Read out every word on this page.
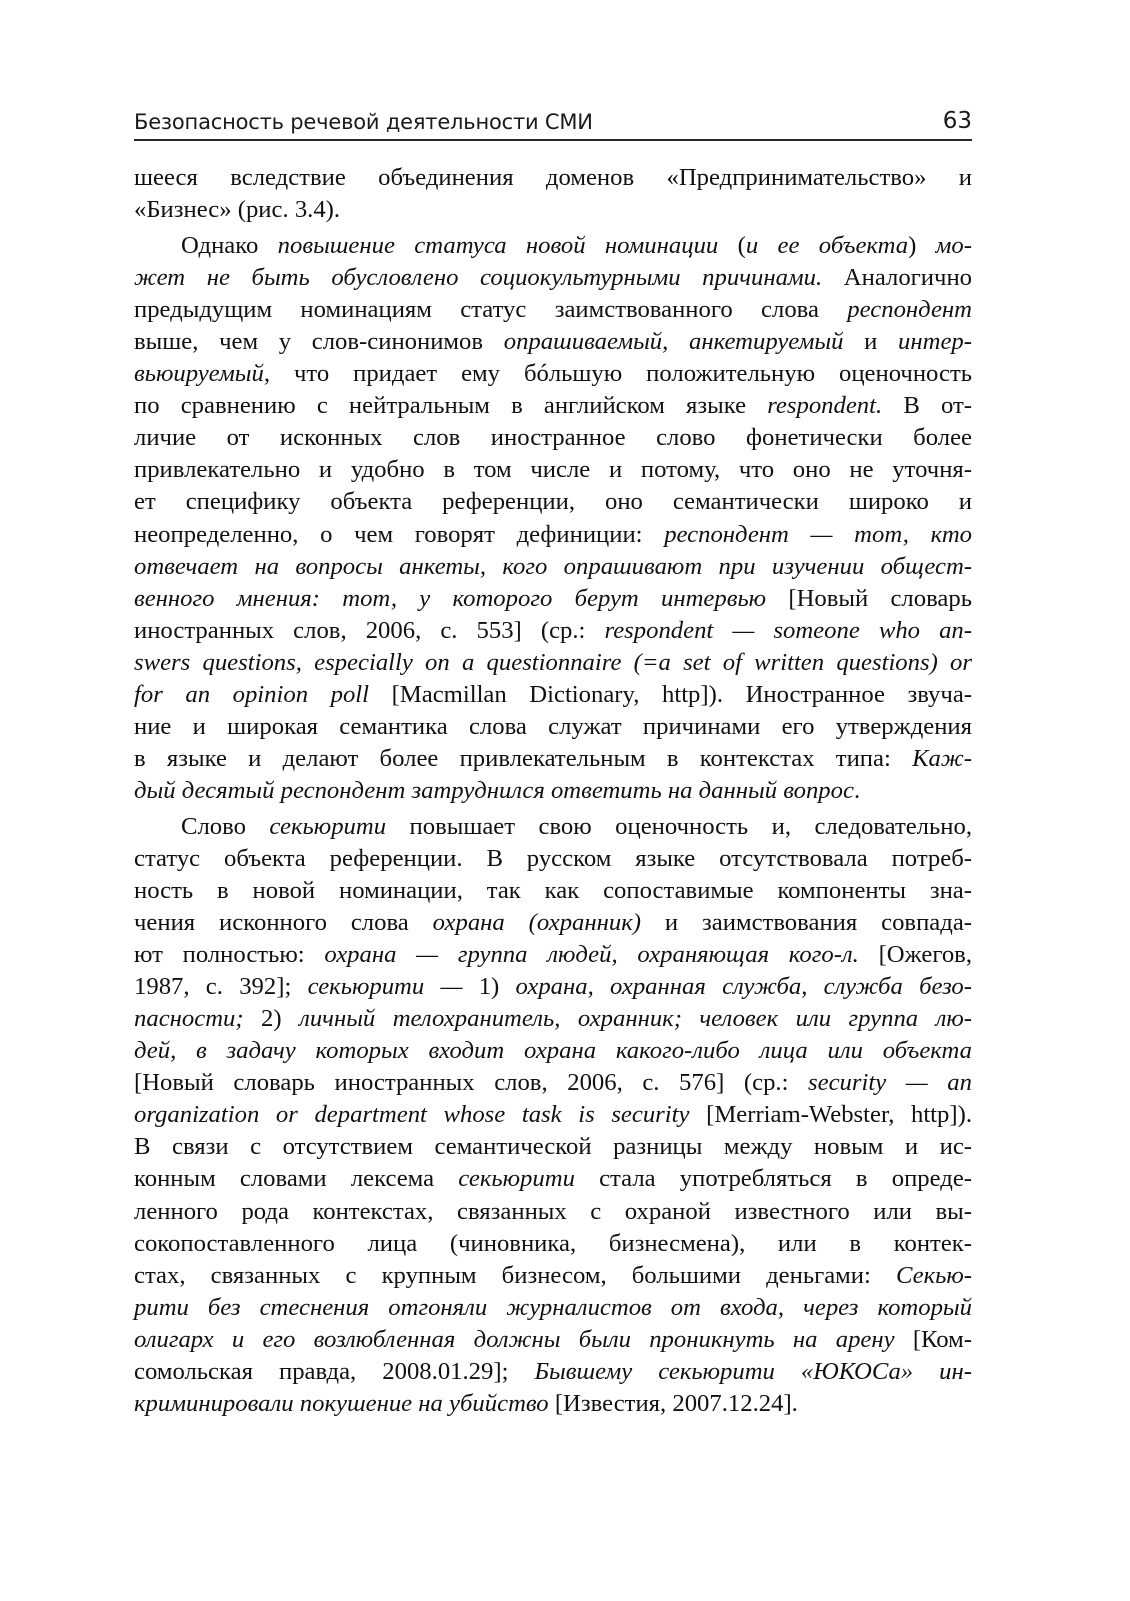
Безопасность речевой деятельности СМИ	63
шееся вследствие объединения доменов «Предпринимательство» и
«Бизнес» (рис. 3.4).
Однако повышение статуса новой номинации (и ее объекта) мо-
жет не быть обусловлено социокультурными причинами. Аналогично
предыдущим номинациям статус заимствованного слова респондент
выше, чем у слов-синонимов опрашиваемый, анкетируемый и интер-
вьюируемый, что придает ему бóльшую положительную оценочность
по сравнению с нейтральным в английском языке respondent. В от-
личие от исконных слов иностранное слово фонетически более
привлекательно и удобно в том числе и потому, что оно не уточня-
ет специфику объекта референции, оно семантически широко и
неопределенно, о чем говорят дефиниции: респондент — тот, кто
отвечает на вопросы анкеты, кого опрашивают при изучении общест-
венного мнения: тот, у которого берут интервью [Новый словарь
иностранных слов, 2006, с. 553] (ср.: respondent — someone who an-
swers questions, especially on a questionnaire (=a set of written questions) or
for an opinion poll [Macmillan Dictionary, http]). Иностранное звуча-
ние и широкая семантика слова служат причинами его утверждения
в языке и делают более привлекательным в контекстах типа: Каж-
дый десятый респондент затруднился ответить на данный вопрос.
Слово секьюрити повышает свою оценочность и, следовательно,
статус объекта референции. В русском языке отсутствовала потреб-
ность в новой номинации, так как сопоставимые компоненты зна-
чения исконного слова охрана (охранник) и заимствования совпада-
ют полностью: охрана — группа людей, охраняющая кого-л. [Ожегов,
1987, с. 392]; секьюрити — 1) охрана, охранная служба, служба безо-
пасности; 2) личный телохранитель, охранник; человек или группа лю-
дей, в задачу которых входит охрана какого-либо лица или объекта
[Новый словарь иностранных слов, 2006, с. 576] (ср.: security — an
organization or department whose task is security [Merriam-Webster, http]).
В связи с отсутствием семантической разницы между новым и ис-
конным словами лексема секьюрити стала употребляться в опреде-
ленного рода контекстах, связанных с охраной известного или вы-
сокопоставленного лица (чиновника, бизнесмена), или в контек-
стах, связанных с крупным бизнесом, большими деньгами: Секью-
рити без стеснения отгоняли журналистов от входа, через который
олигарх и его возлюбленная должны были проникнуть на арену [Ком-
сомольская правда, 2008.01.29]; Бывшему секьюрити «ЮКОСа» ин-
криминировали покушение на убийство [Известия, 2007.12.24].
